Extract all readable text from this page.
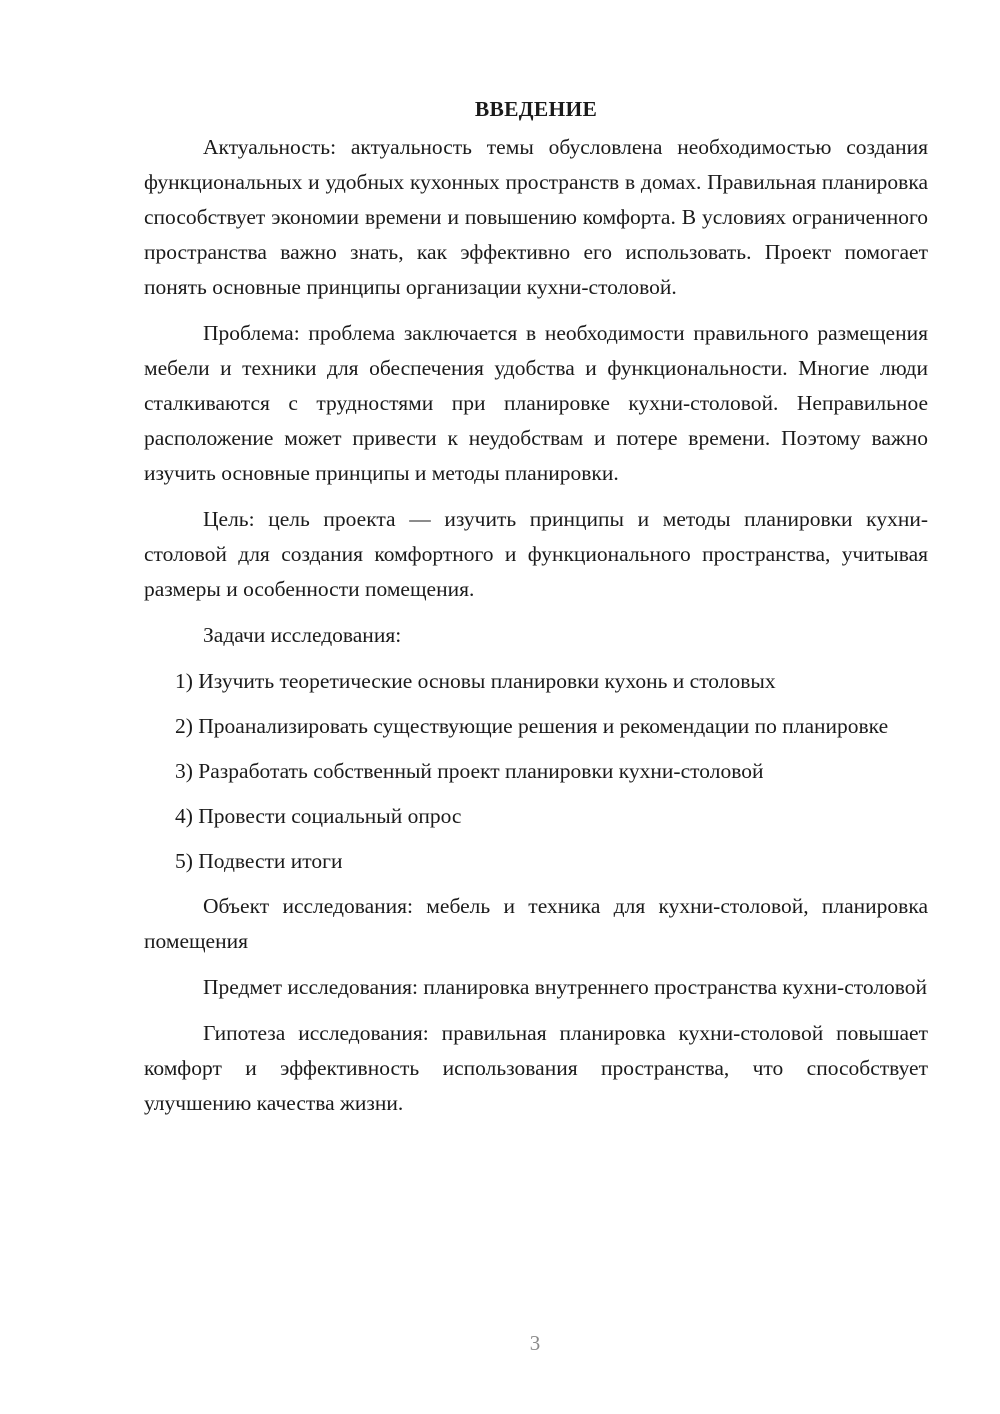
ВВЕДЕНИЕ

Актуальность: актуальность темы обусловлена необходимостью создания функциональных и удобных кухонных пространств в домах. Правильная планировка способствует экономии времени и повышению комфорта. В условиях ограниченного пространства важно знать, как эффективно его использовать. Проект помогает понять основные принципы организации кухни-столовой.

Проблема: проблема заключается в необходимости правильного размещения мебели и техники для обеспечения удобства и функциональности. Многие люди сталкиваются с трудностями при планировке кухни-столовой. Неправильное расположение может привести к неудобствам и потере времени. Поэтому важно изучить основные принципы и методы планировки.

Цель: цель проекта — изучить принципы и методы планировки кухни-столовой для создания комфортного и функционального пространства, учитывая размеры и особенности помещения.

Задачи исследования:

1) Изучить теоретические основы планировки кухонь и столовых

2) Проанализировать существующие решения и рекомендации по планировке

3) Разработать собственный проект планировки кухни-столовой

4) Провести социальный опрос

5) Подвести итоги

Объект исследования: мебель и техника для кухни-столовой, планировка помещения

Предмет исследования: планировка внутреннего пространства кухни-столовой

Гипотеза исследования: правильная планировка кухни-столовой повышает комфорт и эффективность использования пространства, что способствует улучшению качества жизни.

3
